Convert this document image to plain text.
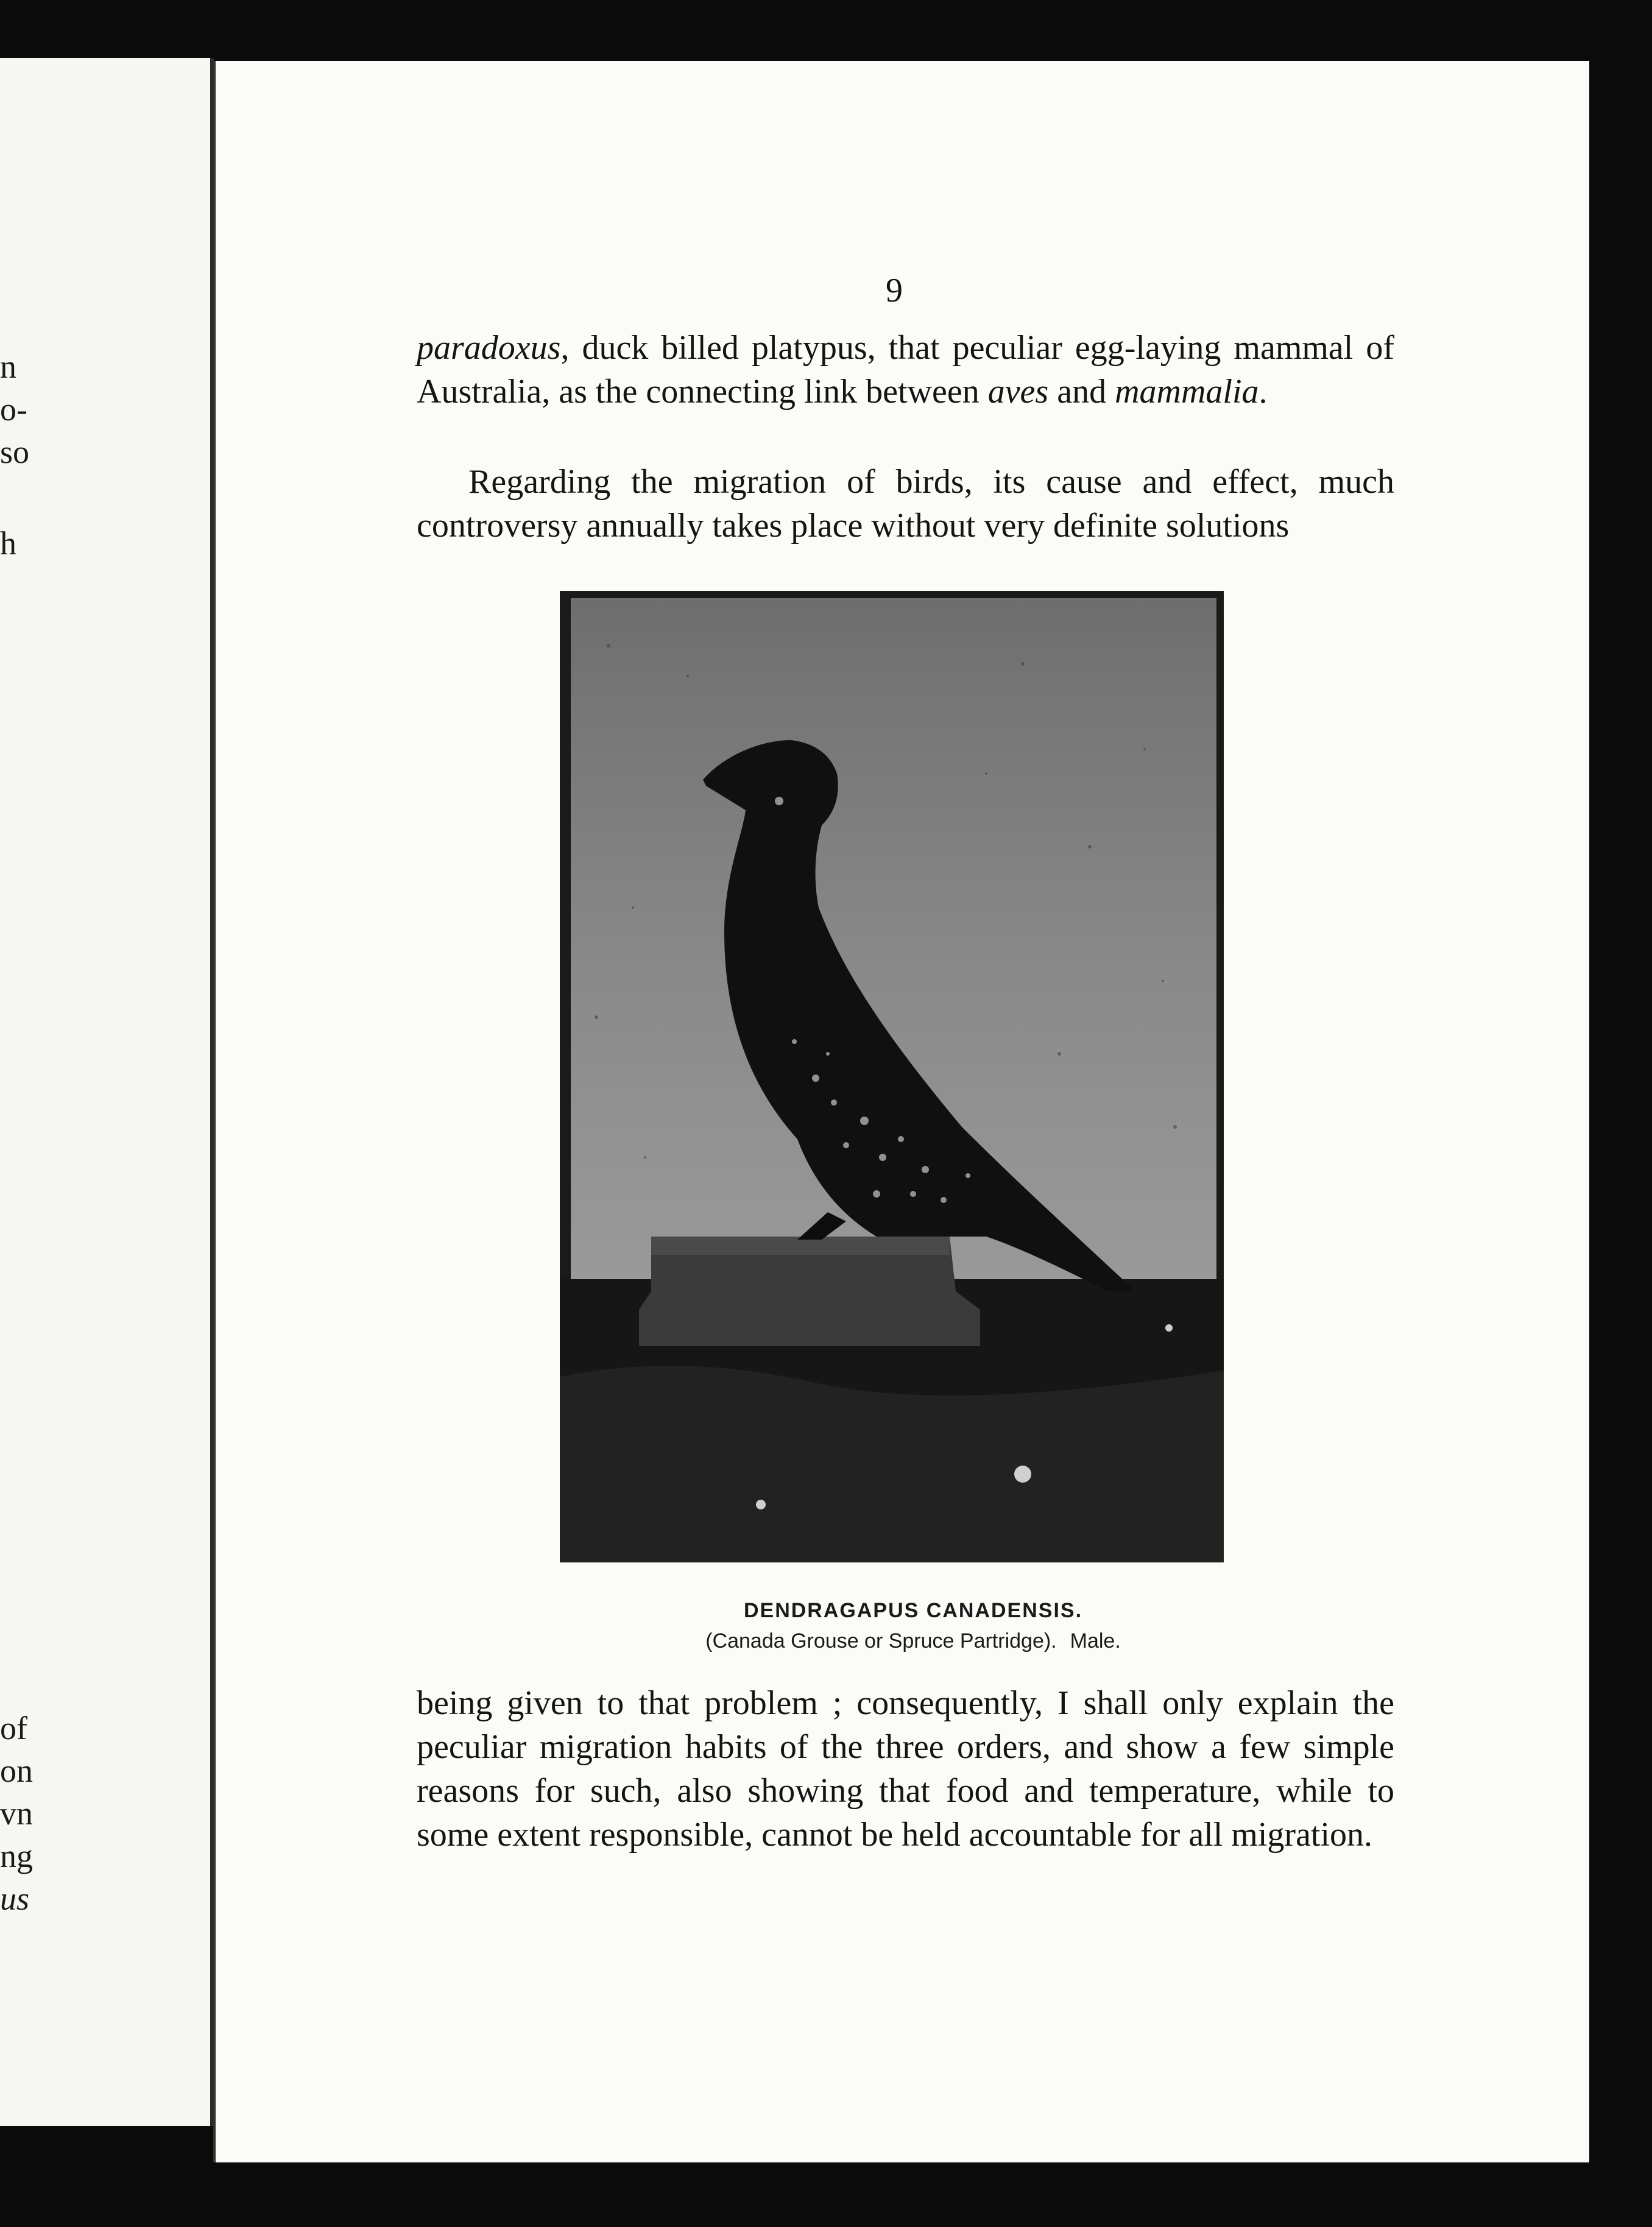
n
o-
so
h
of
on
vn
ng
us
9

paradoxus, duck billed platypus, that peculiar egg-laying mammal of Australia, as the connecting link between aves and mammalia.

Regarding the migration of birds, its cause and effect, much controversy annually takes place without very definite solutions

DENDRAGAPUS CANADENSIS.
(Canada Grouse or Spruce Partridge). Male.

being given to that problem ; consequently, I shall only explain the peculiar migration habits of the three orders, and show a few simple reasons for such, also showing that food and temperature, while to some extent responsible, cannot be held accountable for all migration.
